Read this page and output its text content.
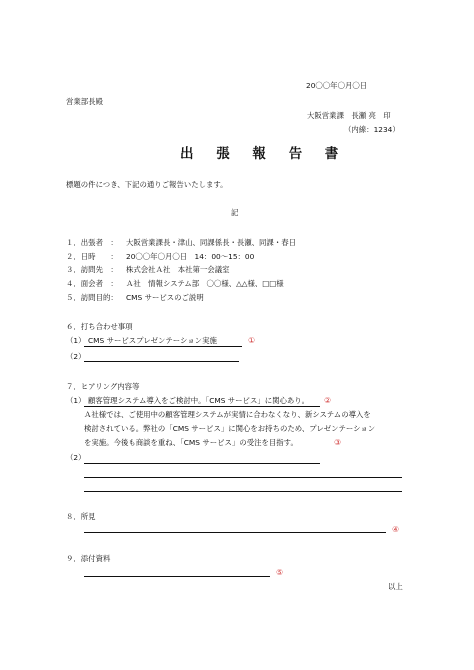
20〇〇年〇月〇日
営業部長殿
大阪営業課　長瀬 亮　印
（内線：1234）
出 張 報 告 書
標題の件につき、下記の通りご報告いたします。
記
１．出張者　： 大阪営業課長・津山、同課係長・長瀬、同課・春日
２．日時　　： 20〇〇年〇月〇日　14：00～15：00
３．訪問先　： 株式会社Ａ社　本社第一会議室
４．面会者　： Ａ社　情報システム部　〇〇様、△△様、□□様
５．訪問目的： CMS サービスのご説明
６．打ち合わせ事項
（1） CMS サービスプレゼンテーション実施	①
（2）
７．ヒアリング内容等
（1） 顧客管理システム導入をご検討中。「CMS サービス」に関心あり。 ②
Ａ社様では、ご使用中の顧客管理システムが実情に合わなくなり、新システムの導入を
検討されている。弊社の「CMS サービス」に関心をお持ちのため、プレゼンテーション
を実施。今後も商談を重ね、「CMS サービス」の受注を目指す。	③
（2）
８．所見
④
９．添付資料
⑤
以上
